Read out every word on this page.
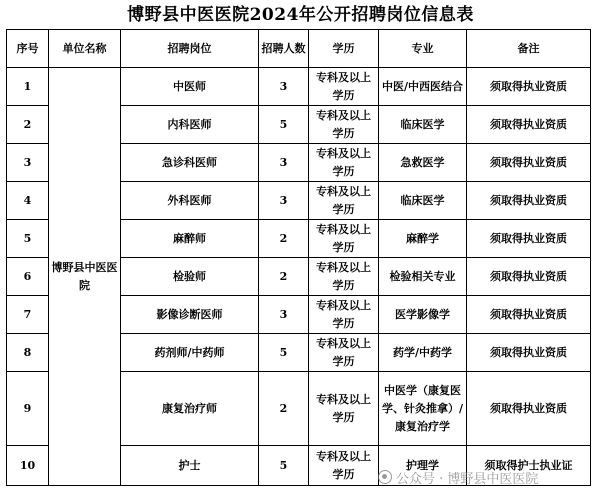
博野县中医医院2024年公开招聘岗位信息表
序号	单位名称	招聘岗位	招聘人数	学历	专业	备注
1	博野县中医医院	中医师	3	专科及以上学历	中医/中西医结合	须取得执业资质
2		内科医师	5	专科及以上学历	临床医学	须取得执业资质
3		急诊科医师	3	专科及以上学历	急救医学	须取得执业资质
4		外科医师	3	专科及以上学历	临床医学	须取得执业资质
5		麻醉师	2	专科及以上学历	麻醉学	须取得执业资质
6		检验师	2	专科及以上学历	检验相关专业	须取得执业资质
7		影像诊断医师	3	专科及以上学历	医学影像学	须取得执业资质
8		药剂师/中药师	5	专科及以上学历	药学/中药学	须取得执业资质
9		康复治疗师	2	专科及以上学历	中医学（康复医学、针灸推拿）/康复治疗学	须取得执业资质
10		护士	5	专科及以上学历	护理学	须取得护士执业证
公众号 · 博野县中医医院
